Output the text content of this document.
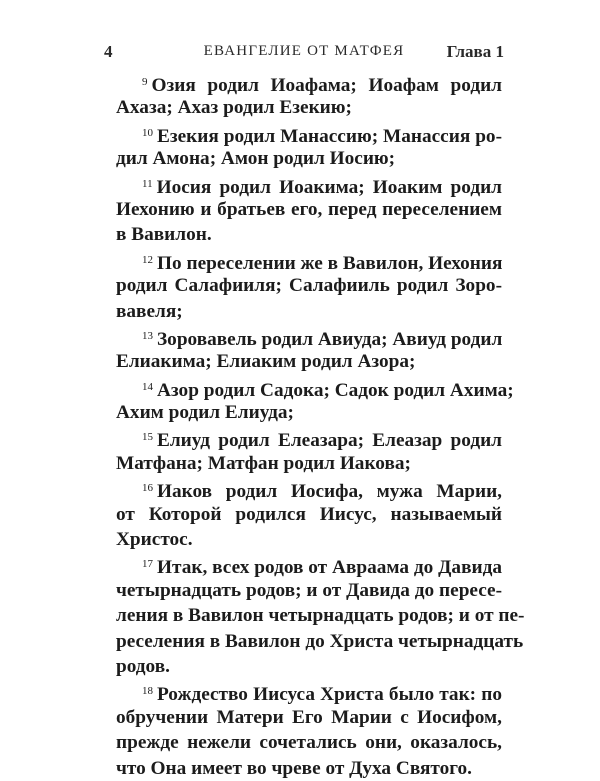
4	ЕВАНГЕЛИЕ ОТ МАТФЕЯ	Глава 1
$^9$ Озия родил Иоафама; Иоафам родил
Ахаза; Ахаз родил Езекию;
$^{10}$ Езекия родил Манассию; Манассия ро-
дил Амона; Амон родил Иосию;
$^{11}$ Иосия родил Иоакима; Иоаким родил
Иехонию и братьев его, перед переселением
в Вавилон.
$^{12}$ По переселении же в Вавилон, Иехония
родил Салафииля; Салафииль родил Зоро-
вавеля;
$^{13}$ Зоровавель родил Авиуда; Авиуд родил
Елиакима; Елиаким родил Азора;
$^{14}$ Азор родил Садока; Садок родил Ахима;
Ахим родил Елиуда;
$^{15}$ Елиуд родил Елеазара; Елеазар родил
Матфана; Матфан родил Иакова;
$^{16}$ Иаков родил Иосифа, мужа Марии,
от Которой родился Иисус, называемый
Христос.
$^{17}$ Итак, всех родов от Авраама до Давида
четырнадцать родов; и от Давида до пересе-
ления в Вавилон четырнадцать родов; и от пе-
реселения в Вавилон до Христа четырнадцать
родов.
$^{18}$ Рождество Иисуса Христа было так: по
обручении Матери Его Марии с Иосифом,
прежде нежели сочетались они, оказалось,
что Она имеет во чреве от Духа Святого.
